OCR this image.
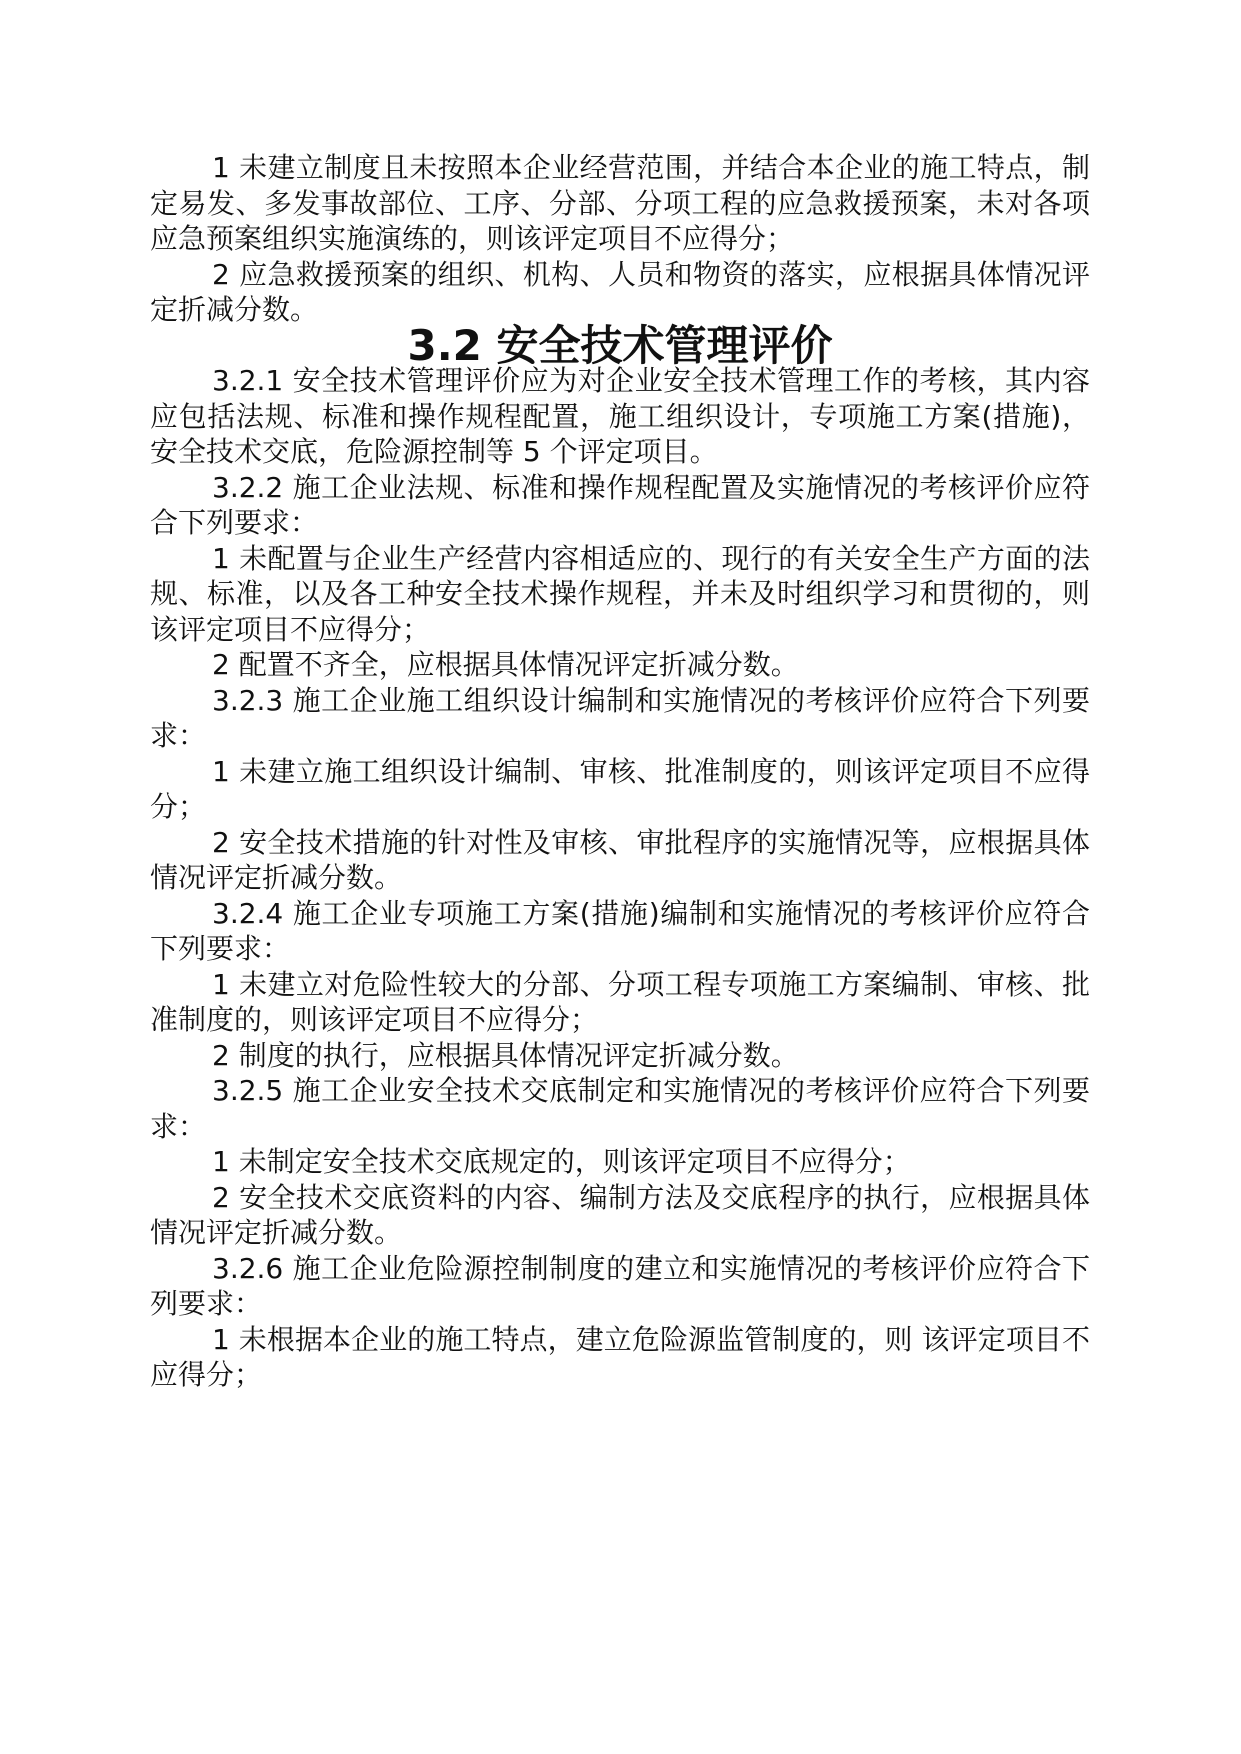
1 未建立制度且未按照本企业经营范围，并结合本企业的施工特点，制定易发、多发事故部位、工序、分部、分项工程的应急救援预案，未对各项应急预案组织实施演练的，则该评定项目不应得分；

2 应急救援预案的组织、机构、人员和物资的落实，应根据具体情况评定折减分数。

3.2 安全技术管理评价

3.2.1 安全技术管理评价应为对企业安全技术管理工作的考核，其内容应包括法规、标准和操作规程配置，施工组织设计，专项施工方案(措施)，安全技术交底，危险源控制等 5 个评定项目。

3.2.2 施工企业法规、标准和操作规程配置及实施情况的考核评价应符合下列要求：

1 未配置与企业生产经营内容相适应的、现行的有关安全生产方面的法规、标准，以及各工种安全技术操作规程，并未及时组织学习和贯彻的，则该评定项目不应得分；

2 配置不齐全，应根据具体情况评定折减分数。

3.2.3 施工企业施工组织设计编制和实施情况的考核评价应符合下列要求：

1 未建立施工组织设计编制、审核、批准制度的，则该评定项目不应得分；

2 安全技术措施的针对性及审核、审批程序的实施情况等，应根据具体情况评定折减分数。

3.2.4 施工企业专项施工方案(措施)编制和实施情况的考核评价应符合下列要求：

1 未建立对危险性较大的分部、分项工程专项施工方案编制、审核、批准制度的，则该评定项目不应得分；

2 制度的执行，应根据具体情况评定折减分数。

3.2.5 施工企业安全技术交底制定和实施情况的考核评价应符合下列要求：

1 未制定安全技术交底规定的，则该评定项目不应得分；

2 安全技术交底资料的内容、编制方法及交底程序的执行，应根据具体情况评定折减分数。

3.2.6 施工企业危险源控制制度的建立和实施情况的考核评价应符合下列要求：

1 未根据本企业的施工特点，建立危险源监管制度的，则 该评定项目不应得分；
